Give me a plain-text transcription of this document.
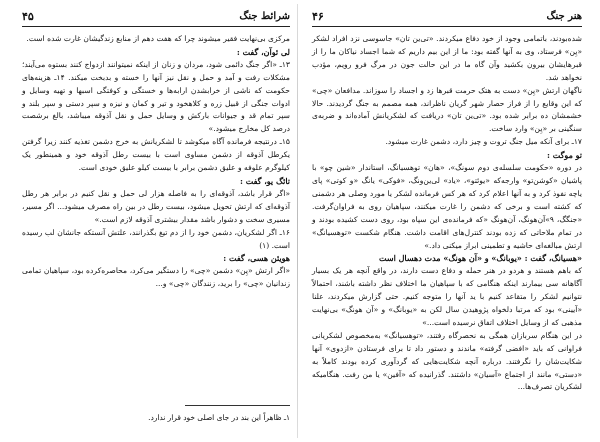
شرائط جنگ
۴۵

مرکزی بی‌نهایت فقیر میشوند چرا که هفت دهم از منابع زندگیشان غارت شده است.

لی ئوآن، گفت :

۱۳ـ «اگر جنگ دائمی شود، مردان و زنان از اینکه نمیتوانند ازدواج کنند بستوه می‌آیند؛ مشکلات رفت و آمد و حمل و نقل نیز آنها را خسته و بدبخت میکند. ۱۴ـ هزینه‌های حکومت که ناشی از خرابشدن ارابه‌ها و خستگی و کوفتگی اسبها و تهیه وسایل و ادوات جنگی از قبیل زره و کلاهخود و تیر و کمان و نیزه و سپر دستی و سپر بلند و سپر تمام قد و جیوانات بارکش و وسایل حمل و نقل آذوقه میباشد، بالغ برشصت درصد کل مخارج میشود.»

۱۵ـ درنتیجه فرمانده آگاه میکوشد تا لشکریانش به خرج دشمن تغذیه کنند زیرا گرفتن یکرطل آذوقه از دشمن مساوی است با بیست رطل آذوقه خود و همینطور یک کیلوگرم علوفه و علیق دشمن برابر با بیست کیلو علیق خودی است.

تائگ یو، گفت :

«اگر قرار باشد، آذوقه‌ای را به فاصله هزار لی حمل و نقل کنیم در برابر هر رطل آذوقه‌ای که ارتش تحویل میشود، بیست رطل در بین راه مصرف میشود... اگر مسیر، مسیری سخت و دشوار باشد مقدار بیشتری آذوقه لازم است.»

۱۶ـ اگر لشکریان، دشمن خود را از دم تیغ بگذرانند، علتش آنستکه جانشان لب رسیده است. (۱)

هویئن هسی، گفت :

«اگر ارتش «یِن» دشمن «چی» را دستگیر می‌کرد، محاصره‌کرده بود، سپاهیان تمامی زندانیان «چی» را برید، زنندگان «چی» و...

۱ـ ظاهراً این بند در جای اصلی خود قرار ندارد.
هنر جنگ
۴۶

شده‌بودند، باتمامی وجود از خود دفاع میکردند. «تی‌ین تان» جاسوسی نزد افراد لشکر «یِن» فرستاد، وی به آنها گفته بود: ما از این بیم داریم که شما اجساد نیاکان ما را از قبرهایشان بیرون بکشید وآن گاه ما در این حالت جون در مرگ فرو رویم، مؤدب نخواهد شد.

ناگهان ارتش «یِن» دست به هتک حرمت قبرها زد و اجساد را سوزاند. مدافعان «چی» که این وقایع را از فراز حصار شهر گریان ناظراند، همه مصمم به جنگ گردیدند. حالا خشمشان ده برابر شده بود. «تی‌ین تان» دریافت که لشکریانش آماده‌اند و ضربه‌ی سنگینی بر «یِن» وارد ساخت.

۱۷ـ برای آنکه میل جنگ تروت و چیز دارد، دشمن غارت میشود.

تو موگت :

در دوره «حکومت سلسله‌ی دوم سونگ»، «هان» توهسیانگ، استاندار «شین‌ چو» با پاشیان «کوشن‌تو» وارجه‌که «یوئتو»، «یاد» لی‌ین‌ونگ، «فوکی» یانگ‌ «و کوتی» پای یاچه نفوذ کرد و به آنها اعلام کرد که هر کس فرمانده لشکر یا مورد وصلی هر دشمنی که کشته است و برخی که دشمن را غارت میکنند، سپاهیان روی به فراوان‌گرفت. «جنگگ، ۹»آن‌هونگ، آن‌هونگ «که فرمانده‌ی این سپاه بود، روی دست کشیده بودند و در تمام ملاحاتی که زده بودند کنترل‌های اقامت داشت. هنگام شکست «توهسیانگ» ارتش مبالغه‌ای حاشیه و تطمینی ابراز میکنی داد.»

«هسیانگ، گفت : «یوبانگ» و «آن هونگ» مدت دهسال است

که باهم هستند و هردو در هنر حمله و دفاع دست دارند، در واقع آنچه هر یک بسیار آگاهانه سی بیمارند اینکه هنگامی که با سپاهیان ما اختلاف نظر داشته باشند، احتمالاً نتوانیم لشکر را متقاعد کنیم با ید آنها را متوجه کنیم. حتی گزارش میکردند، علنا «آیینی» بود که مرتبا دلخواه پژوهیدن سال لکن به «یوبانگ» و «آن هونگ» بی‌نهایت مذهبی که از وسایل اختلاف اتفاق نرسیده است...»

در این هنگام سربازان همگی به نحصرگاه رفتند، «توهسیانگ» به‌مخصوص لشکریانی فراوانی که باید «افضی گرفته» ماندند و دستور داد تا برای فرستادن «ازدوی» آنها شکایت‌شان را نگرفتند. درباره آنچه شکایت‌هایی که گردآوری کرده بودند کاملاً به «دستی» مانند از اجتماع «آسیان» داشتند. گذرانیده که «آفین» یا من رفت. هنگامیکه لشکریان تصرف‌ها...
